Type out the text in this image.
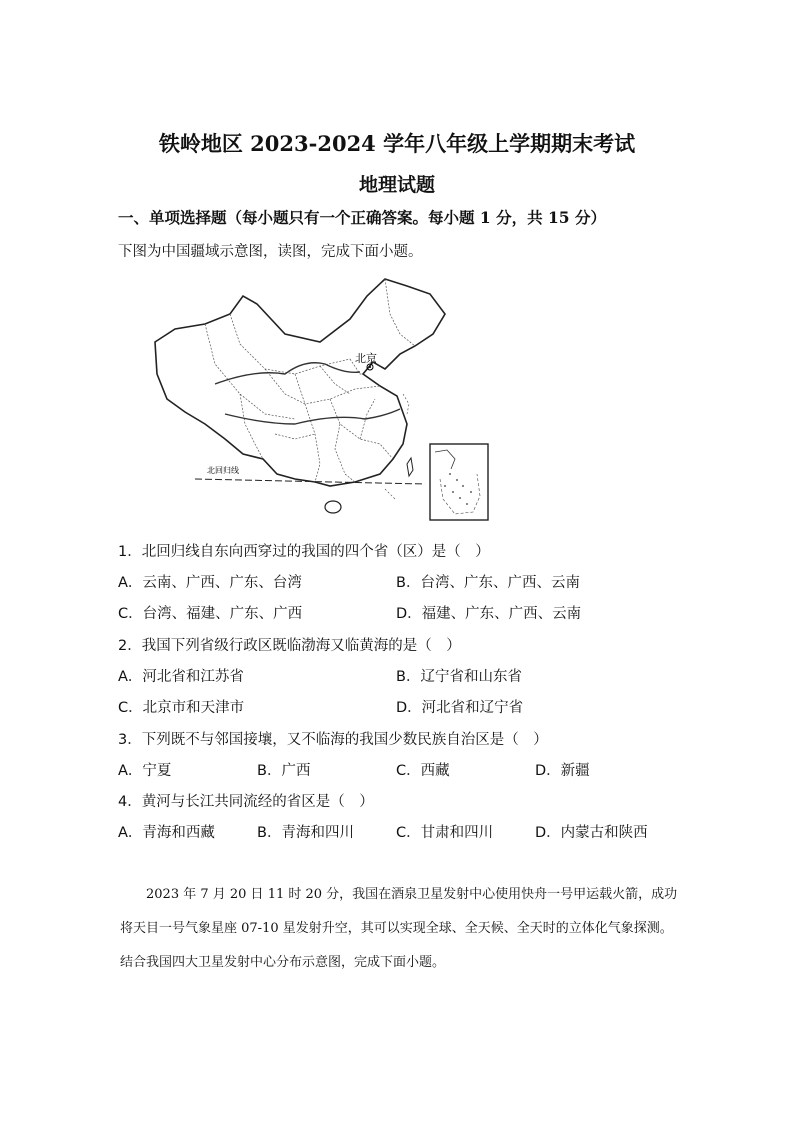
铁岭地区 2023-2024 学年八年级上学期期末考试
地理试题
一、单项选择题（每小题只有一个正确答案。每小题 1 分，共 15 分）
下图为中国疆域示意图，读图，完成下面小题。
北京
北回归线
1．北回归线自东向西穿过的我国的四个省（区）是（　）
A．云南、广西、广东、台湾	B．台湾、广东、广西、云南
C．台湾、福建、广东、广西	D．福建、广东、广西、云南
2．我国下列省级行政区既临渤海又临黄海的是（　）
A．河北省和江苏省	B．辽宁省和山东省
C．北京市和天津市	D．河北省和辽宁省
3．下列既不与邻国接壤，又不临海的我国少数民族自治区是（　）
A．宁夏	B．广西	C．西藏	D．新疆
4．黄河与长江共同流经的省区是（　）
A．青海和西藏	B．青海和四川	C．甘肃和四川	D．内蒙古和陕西
2023 年 7 月 20 日 11 时 20 分，我国在酒泉卫星发射中心使用快舟一号甲运载火箭，成功将天目一号气象星座 07-10 星发射升空，其可以实现全球、全天候、全天时的立体化气象探测。结合我国四大卫星发射中心分布示意图，完成下面小题。
